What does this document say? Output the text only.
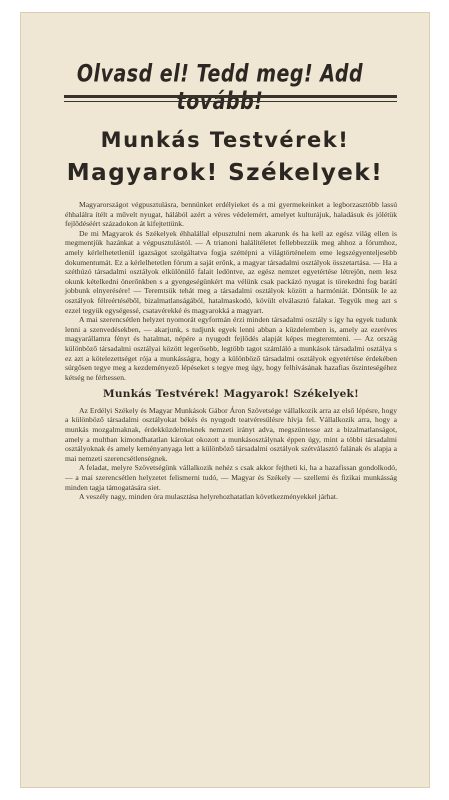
Olvasd el! Tedd meg! Add
Munkás Testvérek!
Magyarok! Székelyek!

Magyarországot végpusztulásra, bennünket erdélyieket és a mi gyermekeinket a legborzasztóbb lassú éhhalálra ítélt a művelt nyugat, hálából azért a véres védelemért, amelyet kulturájuk, haladásuk és jólétük fejlődéséért századokon át kifejtettünk.

De mi Magyarok és Székelyek éhhalállal elpusztulni nem akarunk és ha kell az egész világ ellen is megmentjük hazánkat a végpusztulástól. — A trianoni halálítéletet fellebbezzük meg ahhoz a fórumhoz, amely kérlelhetetlenül igazságot szolgáltatva fogja széttépni a világtörténelem eme legszégyenteljesebb dokumentumát. Ez a kérlelhetetlen fórum a saját erőnk, a magyar társadalmi osztályok összetartása. — Ha a széthúzó társadalmi osztályok elkülönülő falait ledöntve, az egész nemzet egyetértése létrejön, nem lesz okunk kételkedni önerőnkben s a gyengeségünkért ma vélünk csak packázó nyugat is törekedni fog barátí jobbunk elnyerésére! — Teremtsük tehát meg a társadalmi osztályok között a harmóniát. Döntsük le az osztályok félreértéséből, bizalmatlanságából, hatalmaskodó, kövült elválasztó falakat. Tegyük meg azt s ezzel tegyük egységessé, csatavérekké és magyarokká a magyart.

A mai szerencsétlen helyzet nyomorát egyformán érzi minden társadalmi osztály s így ha egyek tudunk lenni a szenvedésekben, — akarjunk, s tudjunk egyek lenni abban a küzdelemben is, amely az ezeréves magyarállamra fényt és hatalmat, népére a nyugodt fejlődés alapját képes megteremteni. — Az ország különböző társadalmi osztályai között legerősebb, legtöbb tagot számláló a munkások társadalmi osztálya s ez azt a kötelezettséget rója a munkásságra, hogy a különböző társadalmi osztályok egyetértése érdekében súrgősen tegye meg a kezdeményező lépéseket s tegye meg úgy, hogy felhívásának hazafias őszinteségéhez kétség ne férhessen.

Munkás Testvérek! Magyarok! Székelyek!

Az Erdélyi Székely és Magyar Munkások Gábor Áron Szövetsége vállalkozik arra az első lépésre, hogy a különböző társadalmi osztályokat békés és nyugodt teatvéresülésre hívja fel. Vállalkozik arra, hogy a munkás mozgalmaknak, érdekküzdelmeknek nemzeti irányt adva, megszüntesse azt a bizalmatlanságot, amely a multban kimondhatatlan károkat okozott a munkásosztálynak éppen úgy, mint a többi társadalmi osztályoknak és amely keményanyaga lett a különböző társadalmi osztályok szétválasztó falának és alapja a mai nemzeti szerencsétlenségnek.

A feladat, melyre Szövetségünk vállalkozik nehéz s csak akkor fejtheti ki, ha a hazafissan gondolkodó, — a mai szerencsétlen helyzetet felismerni tudó, — Magyar és Székely — szellemi és fizikai munkásság minden tagja támogatására siet.

A veszély nagy, minden óra mulasztása helyrehozhatatlan következményekkel járhat.
